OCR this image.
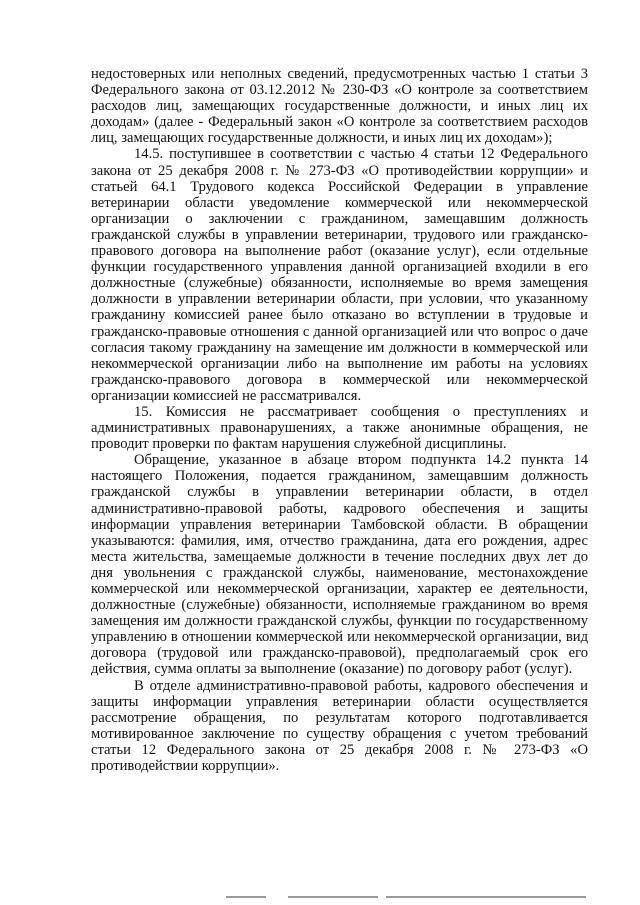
недостоверных или неполных сведений, предусмотренных частью 1 статьи 3 Федерального закона от 03.12.2012 № 230-ФЗ «О контроле за соответствием расходов лиц, замещающих государственные должности, и иных лиц их доходам» (далее - Федеральный закон «О контроле за соответствием расходов лиц, замещающих государственные должности, и иных лиц их доходам»);

14.5. поступившее в соответствии с частью 4 статьи 12 Федерального закона от 25 декабря 2008 г. № 273-ФЗ «О противодействии коррупции» и статьей 64.1 Трудового кодекса Российской Федерации в управление ветеринарии области уведомление коммерческой или некоммерческой организации о заключении с гражданином, замещавшим должность гражданской службы в управлении ветеринарии, трудового или гражданско-правового договора на выполнение работ (оказание услуг), если отдельные функции государственного управления данной организацией входили в его должностные (служебные) обязанности, исполняемые во время замещения должности в управлении ветеринарии области, при условии, что указанному гражданину комиссией ранее было отказано во вступлении в трудовые и гражданско-правовые отношения с данной организацией или что вопрос о даче согласия такому гражданину на замещение им должности в коммерческой или некоммерческой организации либо на выполнение им работы на условиях гражданско-правового договора в коммерческой или некоммерческой организации комиссией не рассматривался.

15. Комиссия не рассматривает сообщения о преступлениях и административных правонарушениях, а также анонимные обращения, не проводит проверки по фактам нарушения служебной дисциплины.

Обращение, указанное в абзаце втором подпункта 14.2 пункта 14 настоящего Положения, подается гражданином, замещавшим должность гражданской службы в управлении ветеринарии области, в отдел административно-правовой работы, кадрового обеспечения и защиты информации управления ветеринарии Тамбовской области. В обращении указываются: фамилия, имя, отчество гражданина, дата его рождения, адрес места жительства, замещаемые должности в течение последних двух лет до дня увольнения с гражданской службы, наименование, местонахождение коммерческой или некоммерческой организации, характер ее деятельности, должностные (служебные) обязанности, исполняемые гражданином во время замещения им должности гражданской службы, функции по государственному управлению в отношении коммерческой или некоммерческой организации, вид договора (трудовой или гражданско-правовой), предполагаемый срок его действия, сумма оплаты за выполнение (оказание) по договору работ (услуг).

В отделе административно-правовой работы, кадрового обеспечения и защиты информации управления ветеринарии области осуществляется рассмотрение обращения, по результатам которого подготавливается мотивированное заключение по существу обращения с учетом требований статьи 12 Федерального закона от 25 декабря 2008 г. № 273-ФЗ «О противодействии коррупции».
